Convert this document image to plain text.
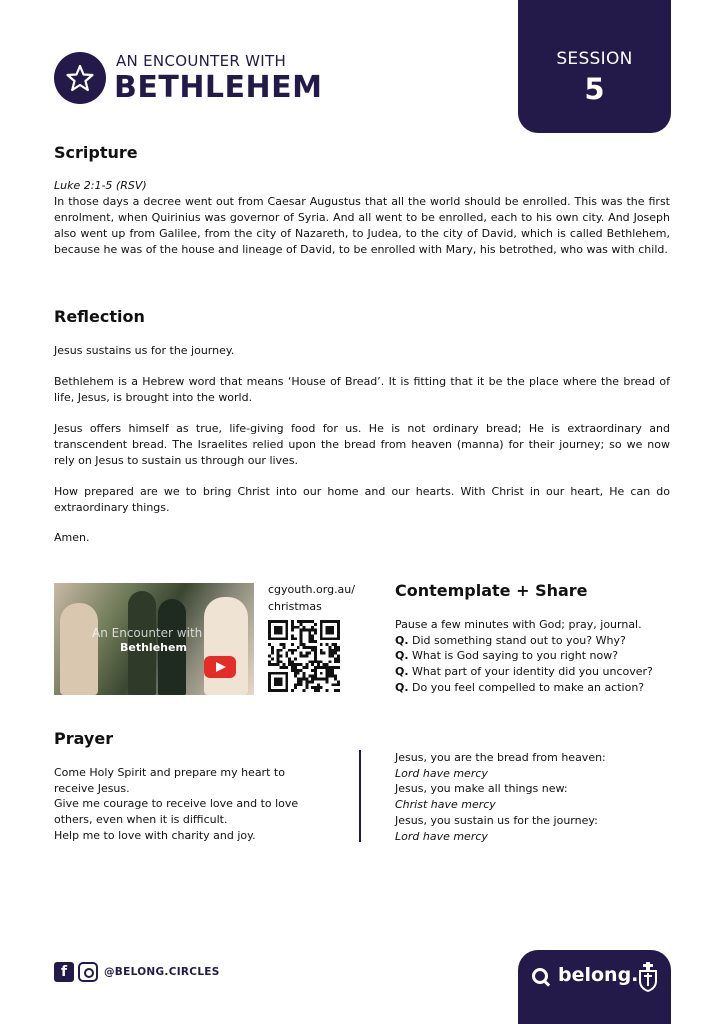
AN ENCOUNTER WITH
BETHLEHEM
SESSION
5
Scripture
Luke 2:1-5 (RSV)

In those days a decree went out from Caesar Augustus that all the world should be enrolled. This was the first enrolment, when Quirinius was governor of Syria. And all went to be enrolled, each to his own city. And Joseph also went up from Galilee, from the city of Nazareth, to Judea, to the city of David, which is called Bethlehem, because he was of the house and lineage of David, to be enrolled with Mary, his betrothed, who was with child.

Reflection
Jesus sustains us for the journey.
Bethlehem is a Hebrew word that means ‘House of Bread’. It is fitting that it be the place where the bread of life, Jesus, is brought into the world.
Jesus offers himself as true, life-giving food for us. He is not ordinary bread; He is extraordinary and transcendent bread. The Israelites relied upon the bread from heaven (manna) for their journey; so we now rely on Jesus to sustain us through our lives.
How prepared are we to bring Christ into our home and our hearts. With Christ in our heart, He can do extraordinary things.
Amen.
An Encounter with
Bethlehem
cgyouth.org.au/
christmas
Contemplate + Share
Pause a few minutes with God; pray, journal.
Q. Did something stand out to you? Why?
Q. What is God saying to you right now?
Q. What part of your identity did you uncover?
Q. Do you feel compelled to make an action?
Prayer
Come Holy Spirit and prepare my heart to
receive Jesus.
Give me courage to receive love and to love
others, even when it is difficult.
Help me to love with charity and joy.
Jesus, you are the bread from heaven:
Lord have mercy
Jesus, you make all things new:
Christ have mercy
Jesus, you sustain us for the journey:
Lord have mercy
f	@BELONG.CIRCLES	belong.
